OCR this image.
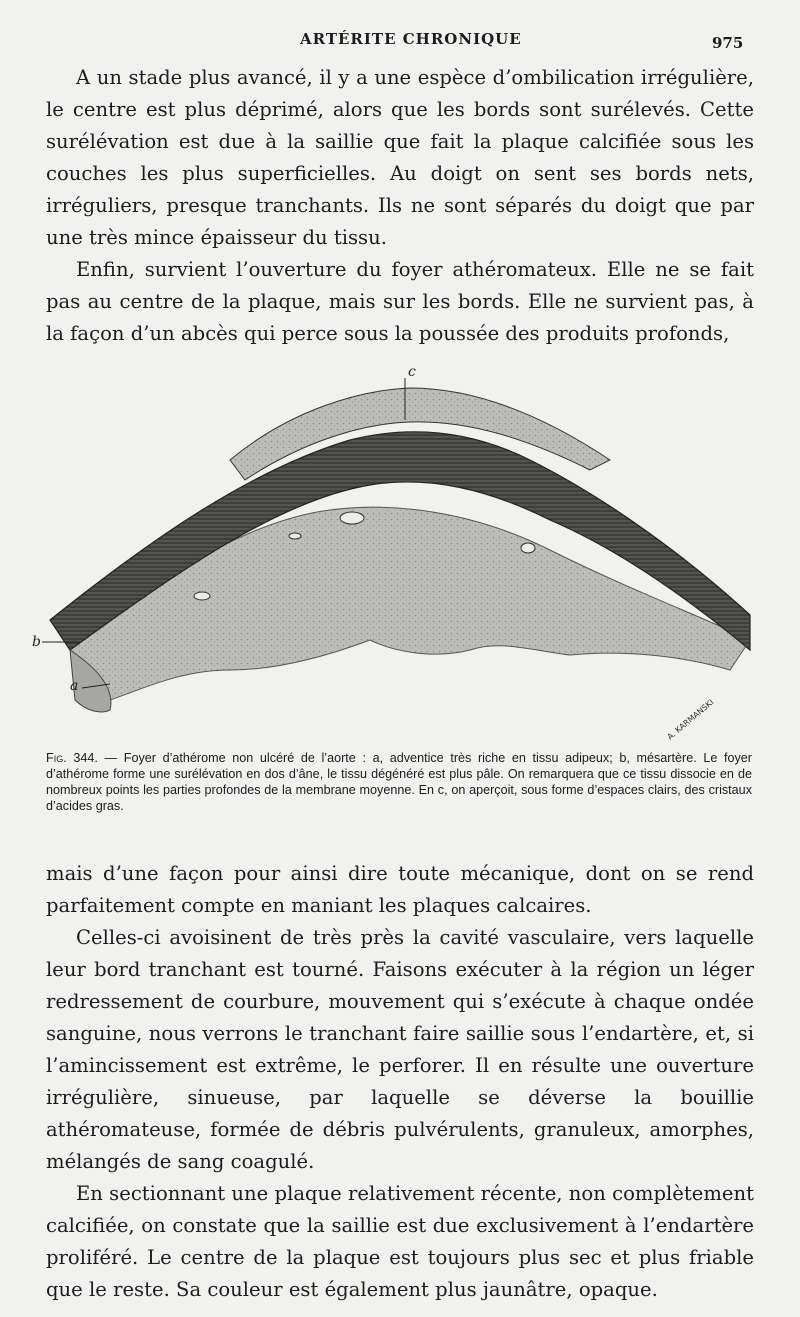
ARTÉRITE CHRONIQUE	975

A un stade plus avancé, il y a une espèce d’ombilication irrégulière, le centre est plus déprimé, alors que les bords sont surélevés. Cette surélévation est due à la saillie que fait la plaque calcifiée sous les couches les plus superficielles. Au doigt on sent ses bords nets, irréguliers, presque tranchants. Ils ne sont séparés du doigt que par une très mince épaisseur du tissu.

Enfin, survient l’ouverture du foyer athéromateux. Elle ne se fait pas au centre de la plaque, mais sur les bords. Elle ne survient pas, à la façon d’un abcès qui perce sous la poussée des produits profonds,

c
b
a
A. KARMANSKI
Fig. 344. — Foyer d’athérome non ulcéré de l’aorte : a, adventice très riche en tissu adipeux; b, mésartère. Le foyer d’athérome forme une surélévation en dos d’âne, le tissu dégénéré est plus pâle. On remarquera que ce tissu dissocie en de nombreux points les parties profondes de la membrane moyenne. En c, on aperçoit, sous forme d’espaces clairs, des cristaux d’acides gras.

mais d’une façon pour ainsi dire toute mécanique, dont on se rend parfaitement compte en maniant les plaques calcaires.

Celles-ci avoisinent de très près la cavité vasculaire, vers laquelle leur bord tranchant est tourné. Faisons exécuter à la région un léger redressement de courbure, mouvement qui s’exécute à chaque ondée sanguine, nous verrons le tranchant faire saillie sous l’endartère, et, si l’amincissement est extrême, le perforer. Il en résulte une ouverture irrégulière, sinueuse, par laquelle se déverse la bouillie athéromateuse, formée de débris pulvérulents, granuleux, amorphes, mélangés de sang coagulé.

En sectionnant une plaque relativement récente, non complètement calcifiée, on constate que la saillie est due exclusivement à l’endartère proliféré. Le centre de la plaque est toujours plus sec et plus friable que le reste. Sa couleur est également plus jaunâtre, opaque.
